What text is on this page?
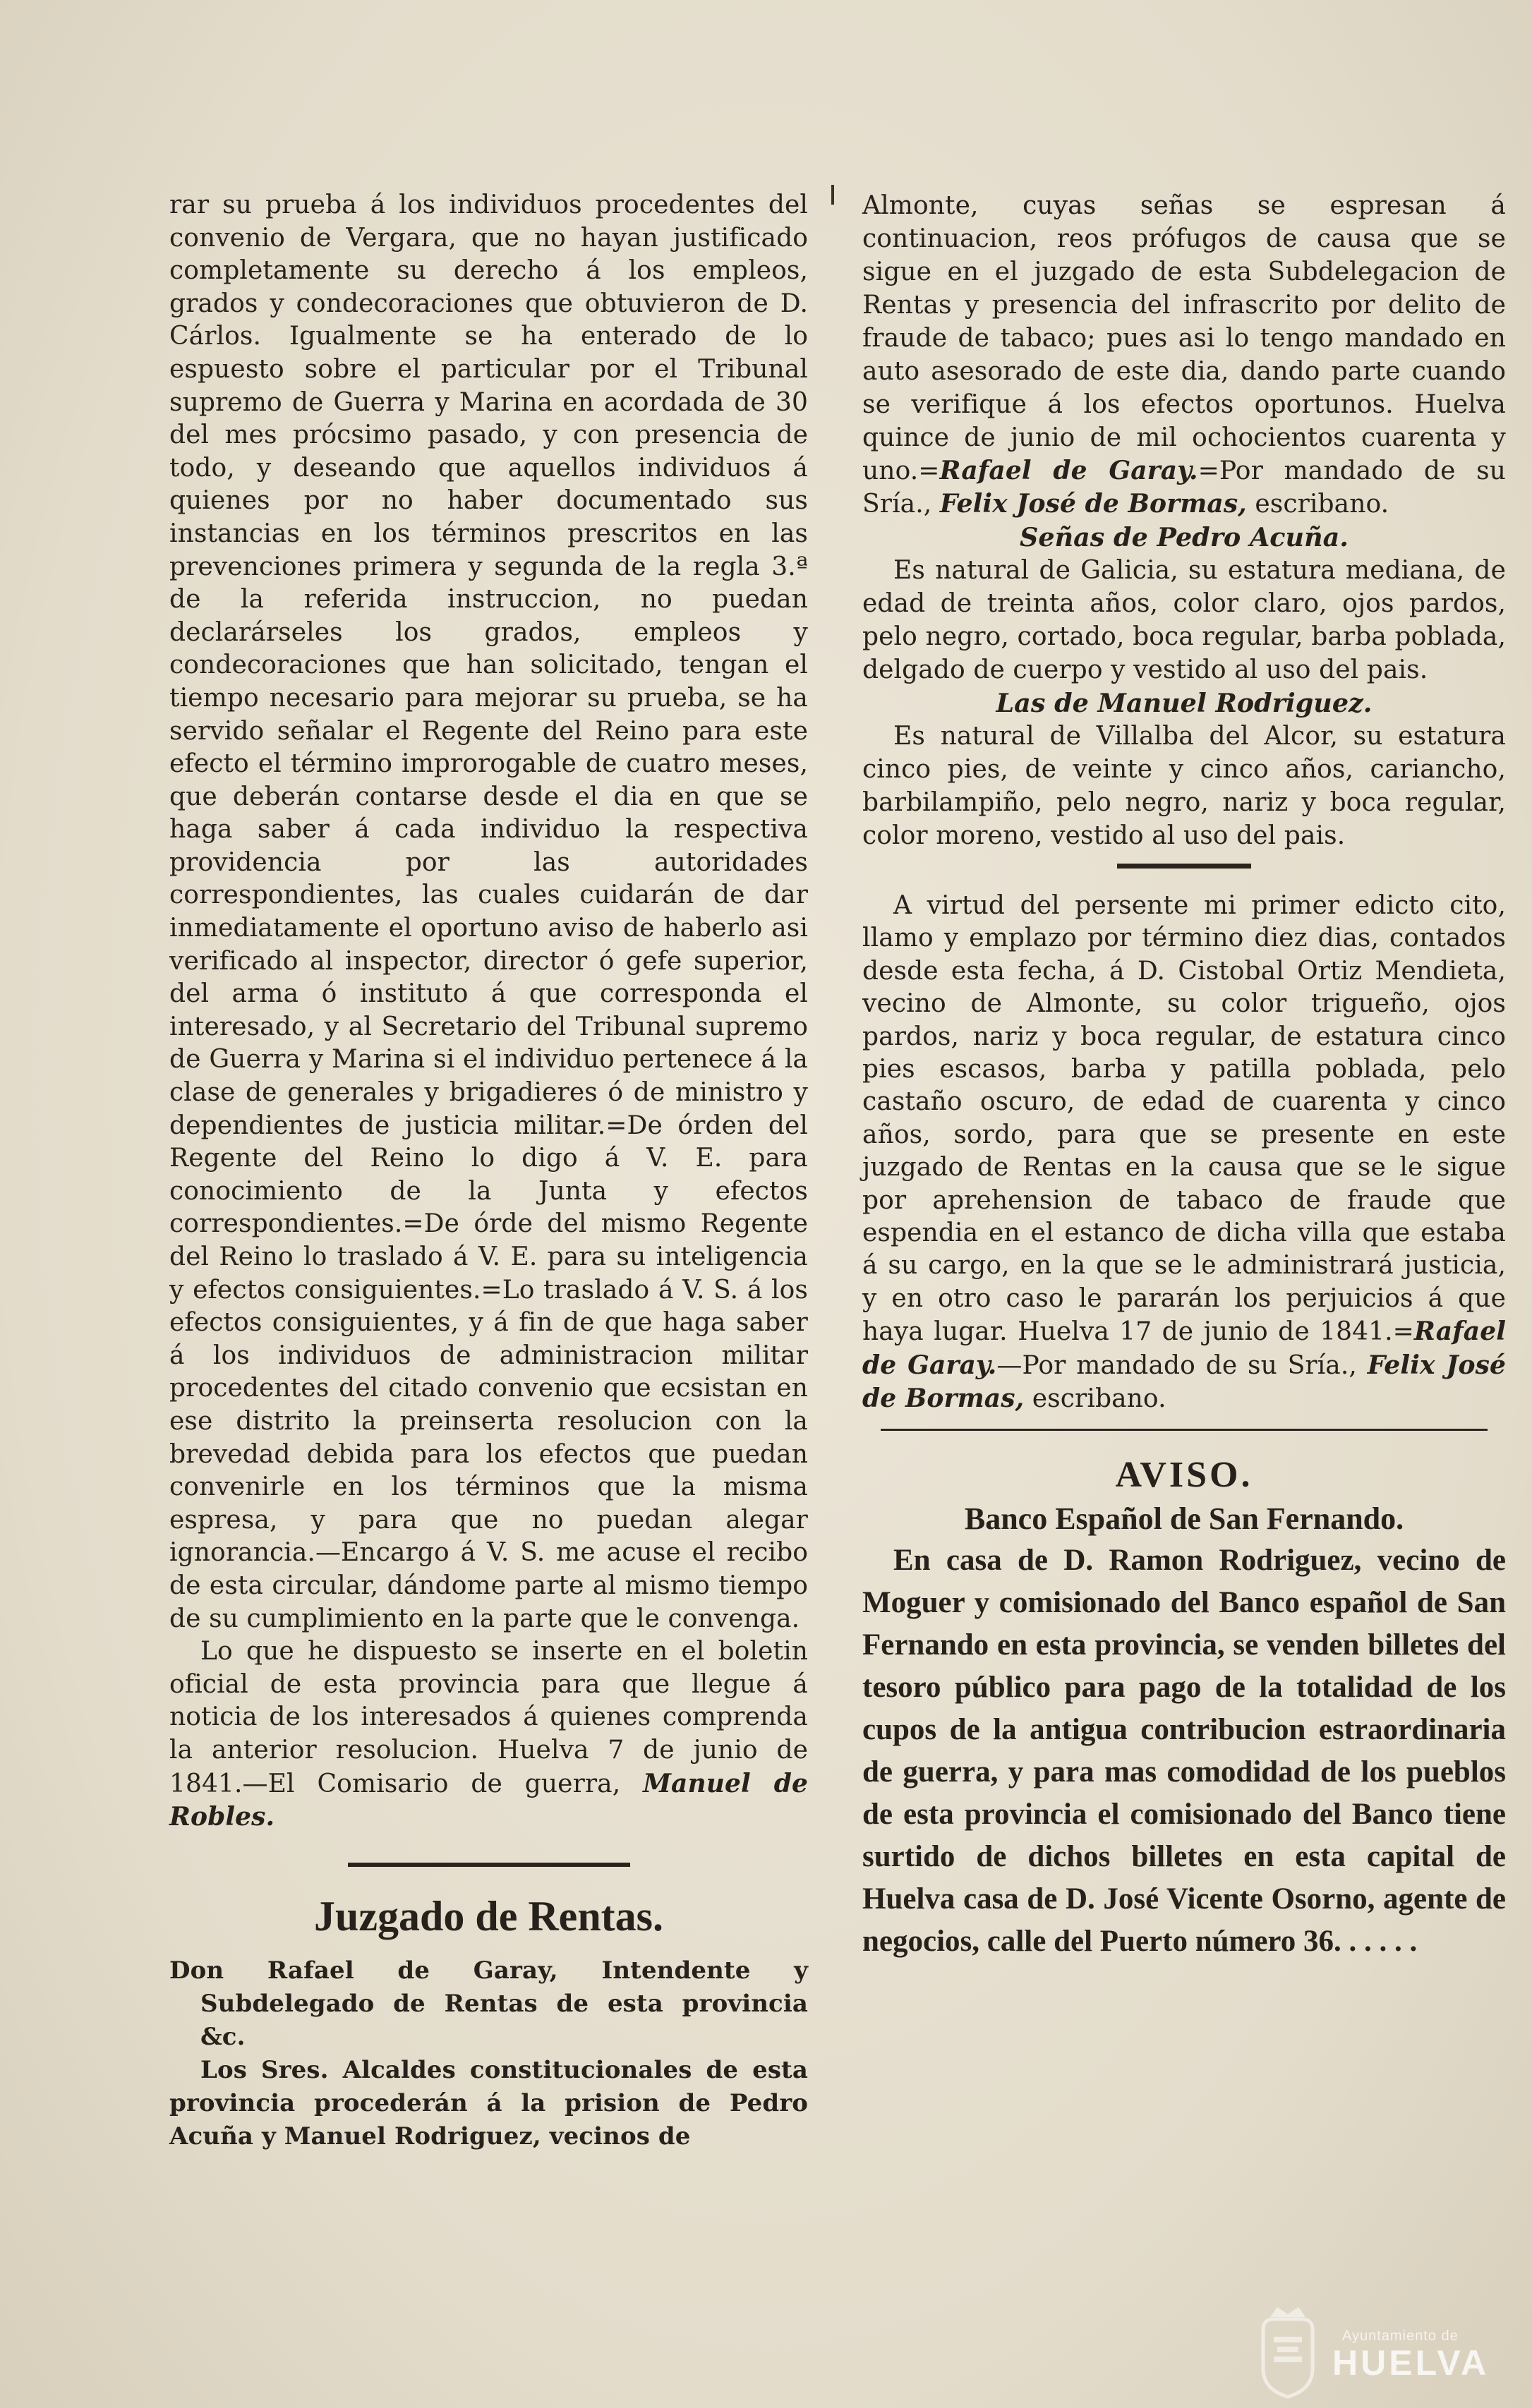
rar su prueba á los individuos procedentes del convenio de Vergara, que no hayan justificado completamente su derecho á los empleos, grados y condecoraciones que obtuvieron de D. Cárlos. Igualmente se ha enterado de lo espuesto sobre el particular por el Tribunal supremo de Guerra y Marina en acordada de 30 del mes prócsimo pasado, y con presencia de todo, y deseando que aquellos individuos á quienes por no haber documentado sus instancias en los términos prescritos en las prevenciones primera y segunda de la regla 3.ª de la referida instruccion, no puedan declarárseles los grados, empleos y condecoraciones que han solicitado, tengan el tiempo necesario para mejorar su prueba, se ha servido señalar el Regente del Reino para este efecto el término improrogable de cuatro meses, que deberán contarse desde el dia en que se haga saber á cada individuo la respectiva providencia por las autoridades correspondientes, las cuales cuidarán de dar inmediatamente el oportuno aviso de haberlo asi verificado al inspector, director ó gefe superior, del arma ó instituto á que corresponda el interesado, y al Secretario del Tribunal supremo de Guerra y Marina si el individuo pertenece á la clase de generales y brigadieres ó de ministro y dependientes de justicia militar.=De órden del Regente del Reino lo digo á V. E. para conocimiento de la Junta y efectos correspondientes.=De órde del mismo Regente del Reino lo traslado á V. E. para su inteligencia y efectos consiguientes.=Lo traslado á V. S. á los efectos consiguientes, y á fin de que haga saber á los individuos de administracion militar procedentes del citado convenio que ecsistan en ese distrito la preinserta resolucion con la brevedad debida para los efectos que puedan convenirle en los términos que la misma espresa, y para que no puedan alegar ignorancia.—Encargo á V. S. me acuse el recibo de esta circular, dándome parte al mismo tiempo de su cumplimiento en la parte que le convenga.

Lo que he dispuesto se inserte en el boletin oficial de esta provincia para que llegue á noticia de los interesados á quienes comprenda la anterior resolucion. Huelva 7 de junio de 1841.—El Comisario de guerra, Manuel de Robles.

Juzgado de Rentas.

Don Rafael de Garay, Intendente y Subdelegado de Rentas de esta provincia &c.

Los Sres. Alcaldes constitucionales de esta provincia procederán á la prision de Pedro Acuña y Manuel Rodriguez, vecinos de

Almonte, cuyas señas se espresan á continuacion, reos prófugos de causa que se sigue en el juzgado de esta Subdelegacion de Rentas y presencia del infrascrito por delito de fraude de tabaco; pues asi lo tengo mandado en auto asesorado de este dia, dando parte cuando se verifique á los efectos oportunos. Huelva quince de junio de mil ochocientos cuarenta y uno.=Rafael de Garay.=Por mandado de su Sría., Felix José de Bormas, escribano.

Señas de Pedro Acuña.

Es natural de Galicia, su estatura mediana, de edad de treinta años, color claro, ojos pardos, pelo negro, cortado, boca regular, barba poblada, delgado de cuerpo y vestido al uso del pais.

Las de Manuel Rodriguez.

Es natural de Villalba del Alcor, su estatura cinco pies, de veinte y cinco años, carianchо, barbilampiño, pelo negro, nariz y boca regular, color moreno, vestido al uso del pais.

A virtud del persente mi primer edicto cito, llamo y emplazo por término diez dias, contados desde esta fecha, á D. Cistobal Ortiz Mendieta, vecino de Almonte, su color trigueño, ojos pardos, nariz y boca regular, de estatura cinco pies escasos, barba y patilla poblada, pelo castaño oscuro, de edad de cuarenta y cinco años, sordo, para que se presente en este juzgado de Rentas en la causa que se le sigue por aprehension de tabaco de fraude que espendia en el estanco de dicha villa que estaba á su cargo, en la que se le administrará justicia, y en otro caso le pararán los perjuicios á que haya lugar. Huelva 17 de junio de 1841.=Rafael de Garay.—Por mandado de su Sría., Felix José de Bormas, escribano.

AVISO.

Banco Español de San Fernando.

En casa de D. Ramon Rodriguez, vecino de Moguer y comisionado del Banco español de San Fernando en esta provincia, se venden billetes del tesoro público para pago de la totalidad de los cupos de la antigua contribucion estraordinaria de guerra, y para mas comodidad de los pueblos de esta provincia el comisionado del Banco tiene surtido de dichos billetes en esta capital de Huelva casa de D. José Vicente Osorno, agente de negocios, calle del Puerto número 36. . . . . .

Ayuntamiento de
HUELVA
